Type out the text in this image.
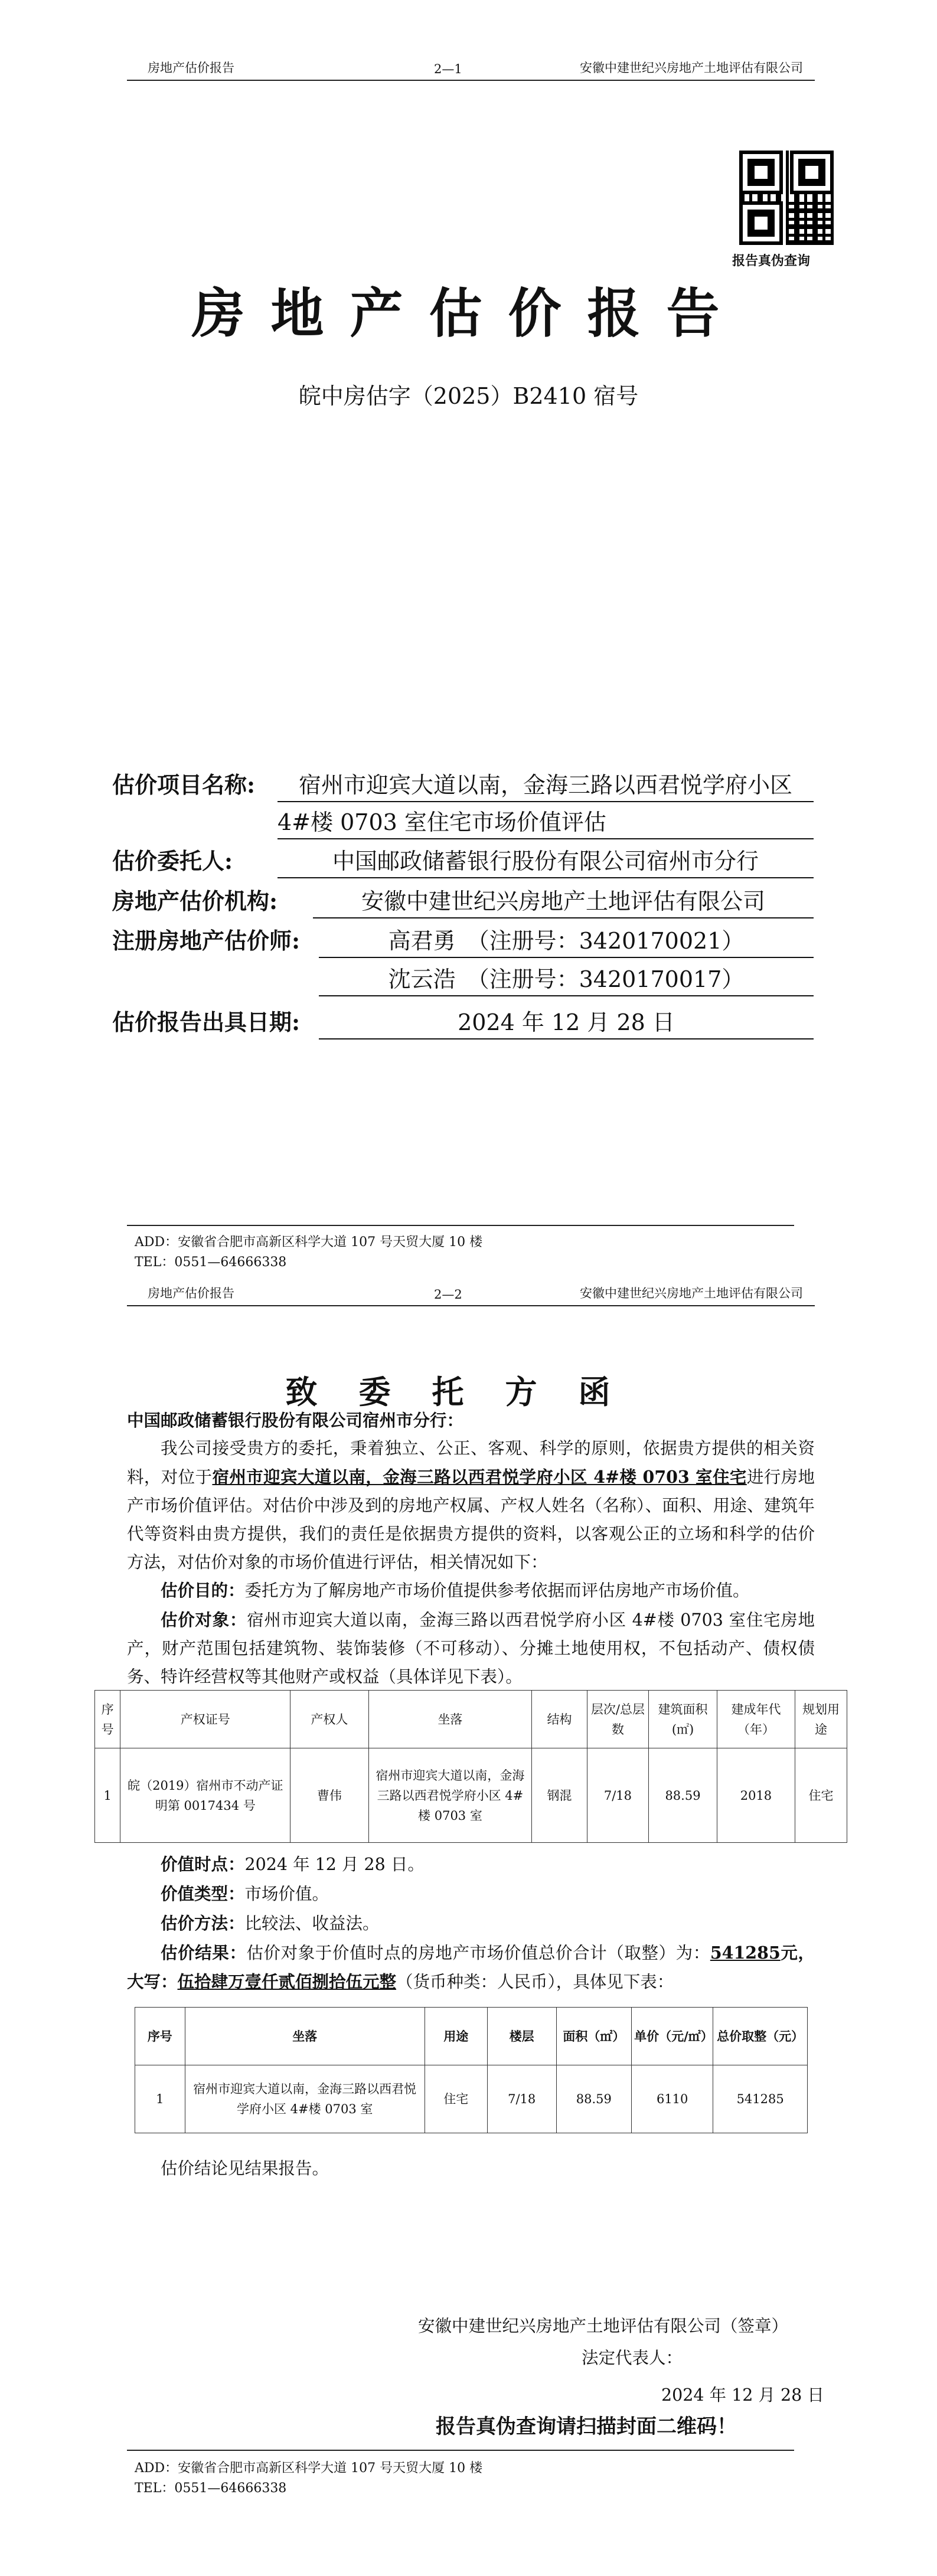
房地产估价报告	2—1	安徽中建世纪兴房地产土地评估有限公司
报告真伪查询
房地产估价报告
皖中房估字（2025）B2410 宿号
估价项目名称:	宿州市迎宾大道以南，金海三路以西君悦学府小区
4#楼 0703 室住宅市场价值评估
估价委托人:	中国邮政储蓄银行股份有限公司宿州市分行
房地产估价机构:	安徽中建世纪兴房地产土地评估有限公司
注册房地产估价师:	高君勇　（注册号：3420170021）
沈云浩　（注册号：3420170017）
估价报告出具日期:	2024 年 12 月 28 日
ADD：安徽省合肥市高新区科学大道 107 号天贸大厦 10 楼
TEL：0551—64666338
房地产估价报告	2—2	安徽中建世纪兴房地产土地评估有限公司
致委托方函
中国邮政储蓄银行股份有限公司宿州市分行：
我公司接受贵方的委托，秉着独立、公正、客观、科学的原则，依据贵方提供的相关资料，对位于宿州市迎宾大道以南，金海三路以西君悦学府小区 4#楼 0703 室住宅进行房地产市场价值评估。对估价中涉及到的房地产权属、产权人姓名（名称）、面积、用途、建筑年代等资料由贵方提供，我们的责任是依据贵方提供的资料，以客观公正的立场和科学的估价方法，对估价对象的市场价值进行评估，相关情况如下：
估价目的：委托方为了解房地产市场价值提供参考依据而评估房地产市场价值。
估价对象：宿州市迎宾大道以南，金海三路以西君悦学府小区 4#楼 0703 室住宅房地产，财产范围包括建筑物、装饰装修（不可移动）、分摊土地使用权，不包括动产、债权债务、特许经营权等其他财产或权益（具体详见下表）。
序号	产权证号	产权人	坐落	结构	层次/总层数	建筑面积(㎡)	建成年代（年）	规划用途
1	皖（2019）宿州市不动产证明第 0017434 号	曹伟	宿州市迎宾大道以南，金海三路以西君悦学府小区 4#楼 0703 室	钢混	7/18	88.59	2018	住宅
价值时点：2024 年 12 月 28 日。
价值类型：市场价值。
估价方法：比较法、收益法。
估价结果：估价对象于价值时点的房地产市场价值总价合计（取整）为：541285元，大写：伍拾肆万壹仟贰佰捌拾伍元整（货币种类：人民币），具体见下表：
序号	坐落	用途	楼层	面积（㎡）	单价（元/㎡）	总价取整（元）
1	宿州市迎宾大道以南，金海三路以西君悦学府小区 4#楼 0703 室	住宅	7/18	88.59	6110	541285
估价结论见结果报告。
安徽中建世纪兴房地产土地评估有限公司（签章）
法定代表人：
2024 年 12 月 28 日
报告真伪查询请扫描封面二维码！
ADD：安徽省合肥市高新区科学大道 107 号天贸大厦 10 楼
TEL：0551—64666338
